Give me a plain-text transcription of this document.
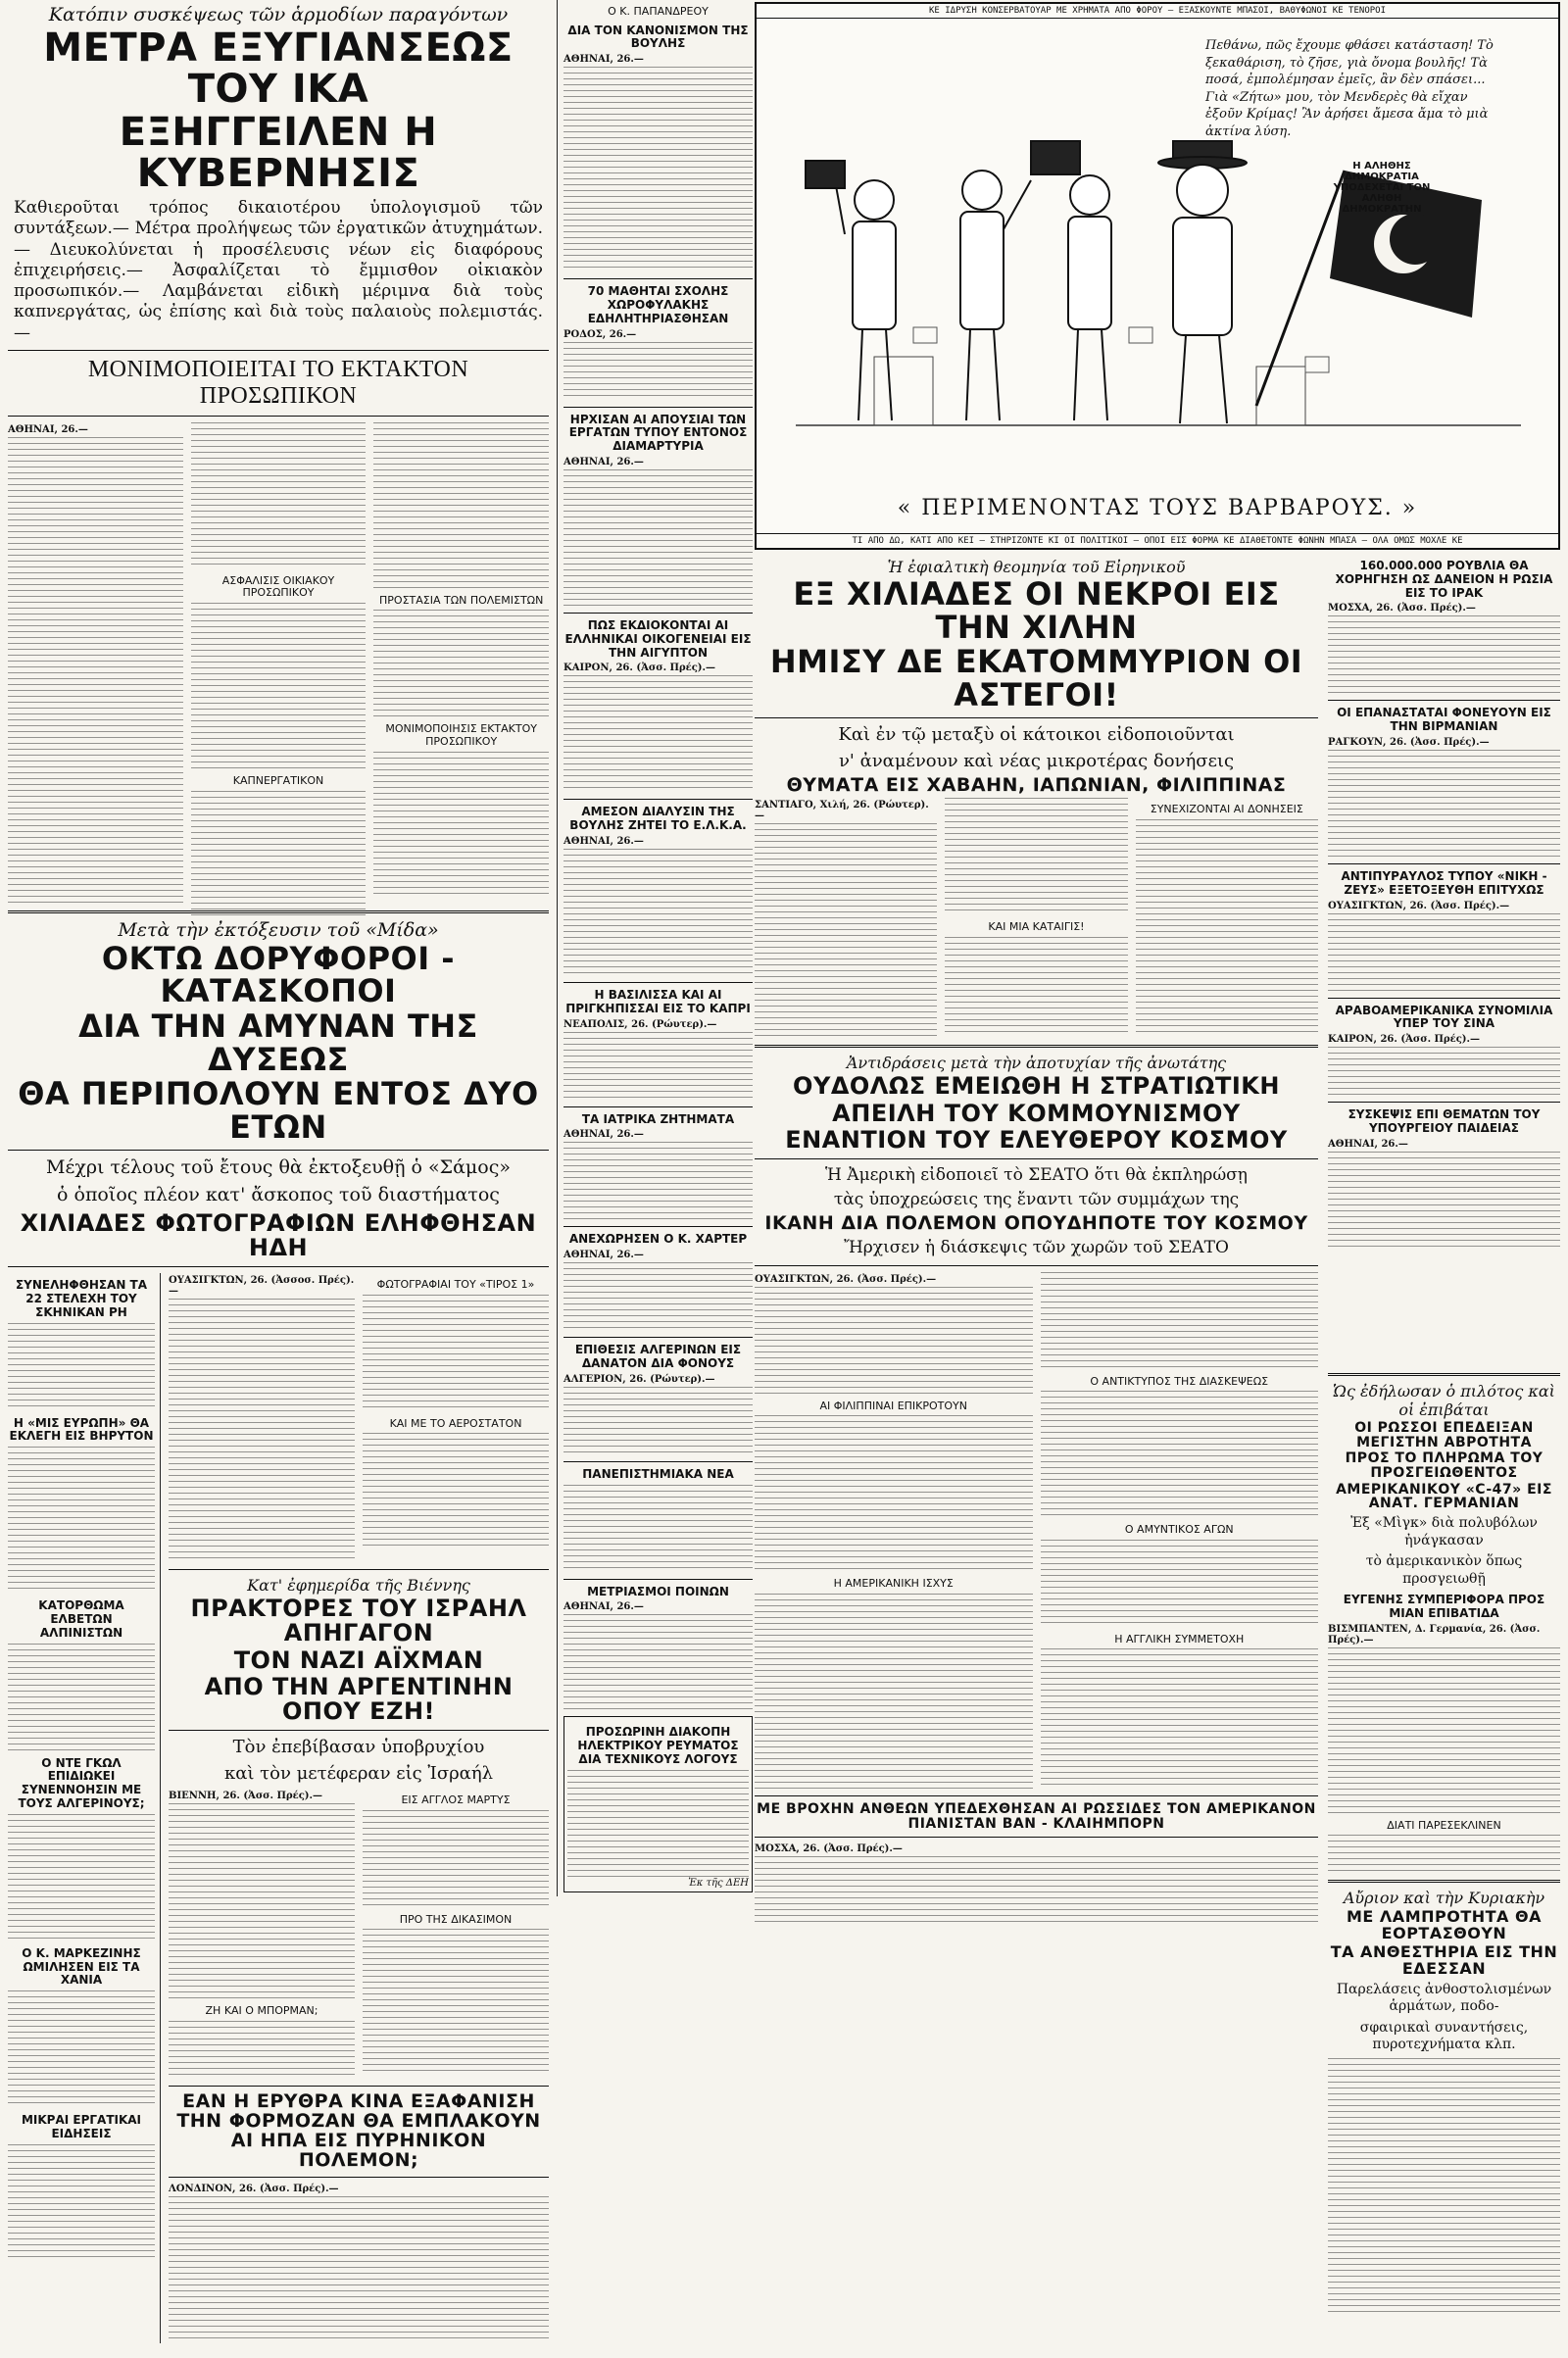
Κατόπιν συσκέψεως τῶν ἁρμοδίων παραγόντων
ΜΕΤΡΑ ΕΞΥΓΙΑΝΣΕΩΣ ΤΟΥ ΙΚΑ
ΕΞΗΓΓΕΙΛΕΝ Η ΚΥΒΕΡΝΗΣΙΣ
Καθιεροῦται τρόπος δικαιοτέρου ὑπολογισμοῦ τῶν συντάξεων.— Μέτρα προλήψεως τῶν ἐργατικῶν ἀτυχημάτων.— Διευκολύνεται ἡ προσέλευσις νέων εἰς διαφόρους ἐπιχειρήσεις.— Ἀσφαλίζεται τὸ ἔμμισθον οἰκιακὸν προσωπικόν.— Λαμβάνεται εἰδικὴ μέριμνα διὰ τοὺς καπνεργάτας, ὡς ἐπίσης καὶ διὰ τοὺς παλαιοὺς πολεμιστάς.—
ΜΟΝΙΜΟΠΟΙΕΙΤΑΙ ΤΟ ΕΚΤΑΚΤΟΝ ΠΡΟΣΩΠΙΚΟΝ
ΑΘΗΝΑΙ, 26.—
ΑΣΦΑΛΙΣΙΣ ΟΙΚΙΑΚΟΥ ΠΡΟΣΩΠΙΚΟΥ
ΚΑΠΝΕΡΓΑΤΙΚΟΝ
ΠΡΟΣΤΑΣΙΑ ΤΩΝ ΠΟΛΕΜΙΣΤΩΝ
ΜΟΝΙΜΟΠΟΙΗΣΙΣ ΕΚΤΑΚΤΟΥ ΠΡΟΣΩΠΙΚΟΥ
Μετὰ τὴν ἐκτόξευσιν τοῦ «Μίδα»
ΟΚΤΩ ΔΟΡΥΦΟΡΟΙ - ΚΑΤΑΣΚΟΠΟΙ
ΔΙΑ ΤΗΝ ΑΜΥΝΑΝ ΤΗΣ ΔΥΣΕΩΣ
ΘΑ ΠΕΡΙΠΟΛΟΥΝ ΕΝΤΟΣ ΔΥΟ ΕΤΩΝ
Μέχρι τέλους τοῦ ἔτους θὰ ἐκτοξευθῇ ὁ «Σάμος»
ὁ ὁποῖος πλέον κατ' ἄσκοπος τοῦ διαστήματος
ΧΙΛΙΑΔΕΣ ΦΩΤΟΓΡΑΦΙΩΝ ΕΛΗΦΘΗΣΑΝ ΗΔΗ
ΣΥΝΕΛΗΦΘΗΣΑΝ ΤΑ 22 ΣΤΕΛΕΧΗ ΤΟΥ ΣΚΗΝΙΚΑΝ ΡΗ
Η «ΜΙΣ ΕΥΡΩΠΗ» ΘΑ ΕΚΛΕΓΗ ΕΙΣ ΒΗΡΥΤΟΝ
ΚΑΤΟΡΘΩΜΑ ΕΛΒΕΤΩΝ ΑΛΠΙΝΙΣΤΩΝ
Ο ΝΤΕ ΓΚΩΛ ΕΠΙΔΙΩΚΕΙ ΣΥΝΕΝΝΟΗΣΙΝ ΜΕ ΤΟΥΣ ΑΛΓΕΡΙΝΟΥΣ;
Ο Κ. ΜΑΡΚΕΖΙΝΗΣ ΩΜΙΛΗΣΕΝ ΕΙΣ ΤΑ ΧΑΝΙΑ
ΜΙΚΡΑΙ ΕΡΓΑΤΙΚΑΙ ΕΙΔΗΣΕΙΣ
ΟΥΑΣΙΓΚΤΩΝ, 26. (Ἀσσοσ. Πρές).—
ΦΩΤΟΓΡΑΦΙΑΙ ΤΟΥ «ΤΙΡΟΣ 1»
ΚΑΙ ΜΕ ΤΟ ΑΕΡΟΣΤΑΤΟΝ
Κατ' ἐφημερίδα τῆς Βιέννης
ΠΡΑΚΤΟΡΕΣ ΤΟΥ ΙΣΡΑΗΛ ΑΠΗΓΑΓΟΝ
ΤΟΝ ΝΑΖΙ ΑΪΧΜΑΝ
ΑΠΟ ΤΗΝ ΑΡΓΕΝΤΙΝΗΝ ΟΠΟΥ ΕΖΗ!
Τὸν ἐπεβίβασαν ὑποβρυχίου
καὶ τὸν μετέφεραν εἰς Ἰσραήλ
ΒΙΕΝΝΗ, 26. (Ἀσσ. Πρές).—
ΖΗ ΚΑΙ Ο ΜΠΟΡΜΑΝ;
ΕΙΣ ΑΓΓΛΟΣ ΜΑΡΤΥΣ
ΠΡΟ ΤΗΣ ΔΙΚΑΣΙΜΟΝ
ΕΑΝ Η ΕΡΥΘΡΑ ΚΙΝΑ ΕΞΑΦΑΝΙΣΗ ΤΗΝ ΦΟΡΜΟΖΑΝ ΘΑ ΕΜΠΛΑΚΟΥΝ ΑΙ ΗΠΑ ΕΙΣ ΠΥΡΗΝΙΚΟΝ ΠΟΛΕΜΟΝ;
ΛΟΝΔΙΝΟΝ, 26. (Ἀσσ. Πρές).—
Ο Κ. ΠΑΠΑΝΔΡΕΟΥ
ΔΙΑ ΤΟΝ ΚΑΝΟΝΙΣΜΟΝ ΤΗΣ ΒΟΥΛΗΣ
ΑΘΗΝΑΙ, 26.—
70 ΜΑΘΗΤΑΙ ΣΧΟΛΗΣ ΧΩΡΟΦΥΛΑΚΗΣ ΕΔΗΛΗΤΗΡΙΑΣΘΗΣΑΝ
ΡΟΔΟΣ, 26.—
ΗΡΧΙΣΑΝ ΑΙ ΑΠΟΥΣΙΑΙ ΤΩΝ ΕΡΓΑΤΩΝ ΤΥΠΟΥ ΕΝΤΟΝΟΣ ΔΙΑΜΑΡΤΥΡΙΑ
ΑΘΗΝΑΙ, 26.—
ΠΩΣ ΕΚΔΙΟΚΟΝΤΑΙ ΑΙ ΕΛΛΗΝΙΚΑΙ ΟΙΚΟΓΕΝΕΙΑΙ ΕΙΣ ΤΗΝ ΑΙΓΥΠΤΟΝ
ΚΑΙΡΟΝ, 26. (Ἀσσ. Πρές).—
ΑΜΕΣΟΝ ΔΙΑΛΥΣΙΝ ΤΗΣ ΒΟΥΛΗΣ ΖΗΤΕΙ ΤΟ Ε.Λ.Κ.Α.
ΑΘΗΝΑΙ, 26.—
Η ΒΑΣΙΛΙΣΣΑ ΚΑΙ ΑΙ ΠΡΙΓΚΗΠΙΣΣΑΙ ΕΙΣ ΤΟ ΚΑΠΡΙ
ΝΕΑΠΟΛΙΣ, 26. (Ρώυτερ).—
ΤΑ ΙΑΤΡΙΚΑ ΖΗΤΗΜΑΤΑ
ΑΘΗΝΑΙ, 26.—
ΑΝΕΧΩΡΗΣΕΝ Ο Κ. ΧΑΡΤΕΡ
ΑΘΗΝΑΙ, 26.—
ΕΠΙΘΕΣΙΣ ΑΛΓΕΡΙΝΩΝ ΕΙΣ ΔΑΝΑΤΟΝ ΔΙΑ ΦΟΝΟΥΣ
ΑΛΓΕΡΙΟΝ, 26. (Ρώυτερ).—
ΠΑΝΕΠΙΣΤΗΜΙΑΚΑ ΝΕΑ
ΜΕΤΡΙΑΣΜΟΙ ΠΟΙΝΩΝ
ΑΘΗΝΑΙ, 26.—
ΠΡΟΣΩΡΙΝΗ ΔΙΑΚΟΠΗ ΗΛΕΚΤΡΙΚΟΥ ΡΕΥΜΑΤΟΣ ΔΙΑ ΤΕΧΝΙΚΟΥΣ ΛΟΓΟΥΣ
Ἐκ τῆς ΔΕΗ
ΚΕ ΙΔΡΥΣΗ ΚΟΝΣΕΡΒΑΤΟΥΑΡ ΜΕ ΧΡΗΜΑΤΑ ΑΠΟ ΦΟΡΟΥ — ΕΞΑΣΚΟΥΝΤΕ ΜΠΑΣΟΙ, ΒΑΘΥΦΩΝΟΙ ΚΕ ΤΕΝΟΡΟΙ
Πεθάνω, πῶς ἔχουμε φθάσει κατάσταση! Τὸ ξεκαθάριση, τὸ ζῆσε, γιὰ ὄνομα βουλῆς! Τὰ ποσά, ἐμπολέμησαν ἐμεῖς, ἂν δὲν σπάσει... Γιὰ «Ζήτω» μου, τὸν Μενδερὲς θὰ εἴχαν ἐξοῦν Κρίμας! Ἂν ἀρήσει ἄμεσα ἄμα τὸ μιὰ ἀκτίνα λύση.
Η ΑΛΗΘΗΣ ΔΗΜΟΚΡΑΤΙΑ ΥΠΟΔΕΧΕΤΑΙ ΤΟΝ ΑΛΗΘΗ ΔΗΜΟΚΡΑΤΗΝ
« ΠΕΡΙΜΕΝΟΝΤΑΣ ΤΟΥΣ ΒΑΡΒΑΡΟΥΣ. »
ΤΙ ΑΠΟ ΔΩ, ΚΑΤΙ ΑΠΟ ΚΕΙ — ΣΤΗΡΙΖΟΝΤΕ ΚΙ ΟΙ ΠΟΛΙΤΙΚΟΙ — ΟΠΟΙ ΕΙΣ ΦΟΡΜΑ ΚΕ ΔΙΑΘΕΤΟΝΤΕ ΦΩΝΗΝ ΜΠΑΣΑ — ΟΛΑ ΟΜΩΣ ΜΟΧΛΕ ΚΕ
Ἡ ἐφιαλτικὴ θεομηνία τοῦ Εἰρηνικοῦ
ΕΞ ΧΙΛΙΑΔΕΣ ΟΙ ΝΕΚΡΟΙ ΕΙΣ ΤΗΝ ΧΙΛΗΝ
ΗΜΙΣΥ ΔΕ ΕΚΑΤΟΜΜΥΡΙΟΝ ΟΙ ΑΣΤΕΓΟΙ!
Καὶ ἐν τῷ μεταξὺ οἱ κάτοικοι εἰδοποιοῦνται
ν' ἀναμένουν καὶ νέας μικροτέρας δονήσεις
ΘΥΜΑΤΑ ΕΙΣ ΧΑΒΑΗΝ, ΙΑΠΩΝΙΑΝ, ΦΙΛΙΠΠΙΝΑΣ
ΣΑΝΤΙΑΓΟ, Χιλή, 26. (Ρώυτερ).—
ΚΑΙ ΜΙΑ ΚΑΤΑΙΓΙΣ!
ΣΥΝΕΧΙΖΟΝΤΑΙ ΑΙ ΔΟΝΗΣΕΙΣ
Ἀντιδράσεις μετὰ τὴν ἀποτυχίαν τῆς ἀνωτάτης
ΟΥΔΟΛΩΣ ΕΜΕΙΩΘΗ Η ΣΤΡΑΤΙΩΤΙΚΗ
ΑΠΕΙΛΗ ΤΟΥ ΚΟΜΜΟΥΝΙΣΜΟΥ
ΕΝΑΝΤΙΟΝ ΤΟΥ ΕΛΕΥΘΕΡΟΥ ΚΟΣΜΟΥ
Ἡ Ἀμερικὴ εἰδοποιεῖ τὸ ΣΕΑΤΟ ὅτι θὰ ἐκπληρώσῃ
τὰς ὑποχρεώσεις της ἔναντι τῶν συμμάχων της
ΙΚΑΝΗ ΔΙΑ ΠΟΛΕΜΟΝ ΟΠΟΥΔΗΠΟΤΕ ΤΟΥ ΚΟΣΜΟΥ
Ἤρχισεν ἡ διάσκεψις τῶν χωρῶν τοῦ ΣΕΑΤΟ
ΟΥΑΣΙΓΚΤΩΝ, 26. (Ἀσσ. Πρές).—
ΑΙ ΦΙΛΙΠΠΙΝΑΙ ΕΠΙΚΡΟΤΟΥΝ
Η ΑΜΕΡΙΚΑΝΙΚΗ ΙΣΧΥΣ
Ο ΑΝΤΙΚΤΥΠΟΣ ΤΗΣ ΔΙΑΣΚΕΨΕΩΣ
Ο ΑΜΥΝΤΙΚΟΣ ΑΓΩΝ
Η ΑΓΓΛΙΚΗ ΣΥΜΜΕΤΟΧΗ
ΜΕ ΒΡΟΧΗΝ ΑΝΘΕΩΝ ΥΠΕΔΕΧΘΗΣΑΝ ΑΙ ΡΩΣΣΙΔΕΣ ΤΟΝ ΑΜΕΡΙΚΑΝΟΝ ΠΙΑΝΙΣΤΑΝ ΒΑΝ - ΚΛΑΙΗΜΠΟΡΝ
ΜΟΣΧΑ, 26. (Ἀσσ. Πρές).—
160.000.000 ΡΟΥΒΛΙΑ ΘΑ ΧΟΡΗΓΗΣΗ ΩΣ ΔΑΝΕΙΟΝ Η ΡΩΣΙΑ ΕΙΣ ΤΟ ΙΡΑΚ
ΜΟΣΧΑ, 26. (Ἀσσ. Πρές).—
ΟΙ ΕΠΑΝΑΣΤΑΤΑΙ ΦΟΝΕΥΟΥΝ ΕΙΣ ΤΗΝ ΒΙΡΜΑΝΙΑΝ
ΡΑΓΚΟΥΝ, 26. (Ἀσσ. Πρές).—
ΑΝΤΙΠΥΡΑΥΛΟΣ ΤΥΠΟΥ «ΝΙΚΗ - ΖΕΥΣ» ΕΞΕΤΟΞΕΥΘΗ ΕΠΙΤΥΧΩΣ
ΟΥΑΣΙΓΚΤΩΝ, 26. (Ἀσσ. Πρές).—
ΑΡΑΒΟΑΜΕΡΙΚΑΝΙΚΑ ΣΥΝΟΜΙΛΙΑ ΥΠΕΡ ΤΟΥ ΣΙΝΑ
ΚΑΙΡΟΝ, 26. (Ἀσσ. Πρές).—
ΣΥΣΚΕΨΙΣ ΕΠΙ ΘΕΜΑΤΩΝ ΤΟΥ ΥΠΟΥΡΓΕΙΟΥ ΠΑΙΔΕΙΑΣ
ΑΘΗΝΑΙ, 26.—
Ὡς ἐδήλωσαν ὁ πιλότος καὶ οἱ ἐπιβάται
ΟΙ ΡΩΣΣΟΙ ΕΠΕΔΕΙΞΑΝ ΜΕΓΙΣΤΗΝ ΑΒΡΟΤΗΤΑ
ΠΡΟΣ ΤΟ ΠΛΗΡΩΜΑ ΤΟΥ ΠΡΟΣΓΕΙΩΘΕΝΤΟΣ
ΑΜΕΡΙΚΑΝΙΚΟΥ «C-47» ΕΙΣ ΑΝΑΤ. ΓΕΡΜΑΝΙΑΝ
Ἐξ «Μὶγκ» διὰ πολυβόλων ἠνάγκασαν
τὸ ἀμερικανικὸν ὅπως προσγειωθῇ
ΕΥΓΕΝΗΣ ΣΥΜΠΕΡΙΦΟΡΑ ΠΡΟΣ ΜΙΑΝ ΕΠΙΒΑΤΙΔΑ
ΒΙΣΜΠΑΝΤΕΝ, Δ. Γερμανία, 26. (Ἀσσ. Πρές).—
ΔΙΑΤΙ ΠΑΡΕΣΕΚΛΙΝΕΝ
Αὔριον καὶ τὴν Κυριακὴν
ΜΕ ΛΑΜΠΡΟΤΗΤΑ ΘΑ ΕΟΡΤΑΣΘΟΥΝ
ΤΑ ΑΝΘΕΣΤΗΡΙΑ ΕΙΣ ΤΗΝ ΕΔΕΣΣΑΝ
Παρελάσεις ἀνθοστολισμένων ἁρμάτων, ποδο-
σφαιρικαὶ συναντήσεις, πυροτεχνήματα κλπ.
